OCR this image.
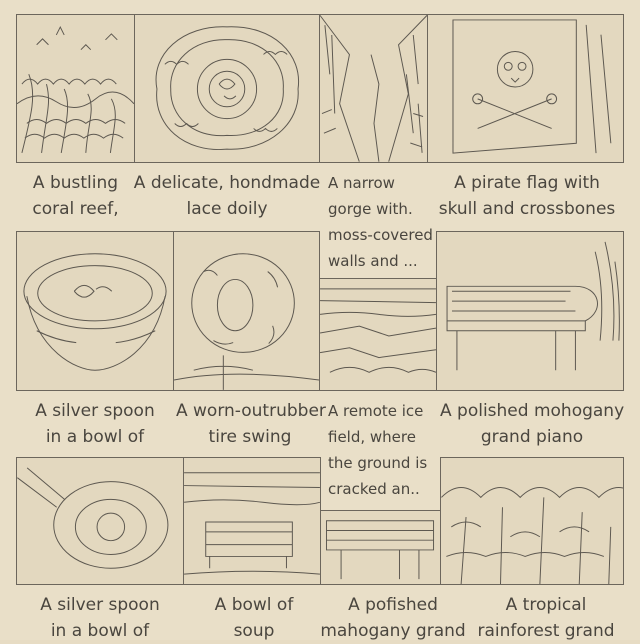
A bustling
coral reef,
A delicate, hondmade
lace doily
A narrow
gorge with.
moss-covered
walls and ...
A pirate flag with
skull and crossbones
A silver spoon
in a bowl of
A worn-outrubber
tire swing
A remote ice
field, where
the ground is
cracked an..
A polished mohogany
grand piano
A silver spoon
in a bowl of
A bowl of
soup
A pofished
mahogany grand
A tropical
rainforest grand
